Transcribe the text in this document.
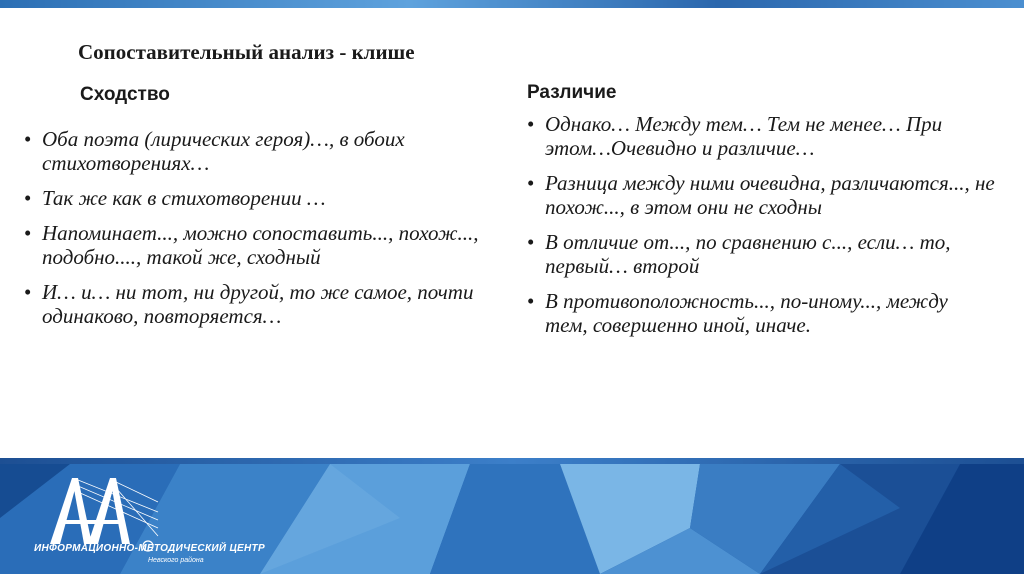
Сопоставительный анализ - клише
Сходство
• Оба поэта (лирических героя)…, в обоих стихотворениях…
• Так же как в стихотворении …
• Напоминает..., можно сопоставить..., похож..., подобно...., такой же, сходный
• И… и… ни тот, ни другой, то же самое, почти одинаково, повторяется…
Различие
• Однако… Между тем… Тем не менее… При этом…Очевидно и различие…
• Разница между ними очевидна, различаются..., не похож..., в этом они не сходны
• В отличие от..., по сравнению с..., если… то, первый… второй
• В противоположность..., по-иному..., между тем, совершенно иной, иначе.
ИНФОРМАЦИОННО-МЕТОДИЧЕСКИЙ ЦЕНТР
Невского района
